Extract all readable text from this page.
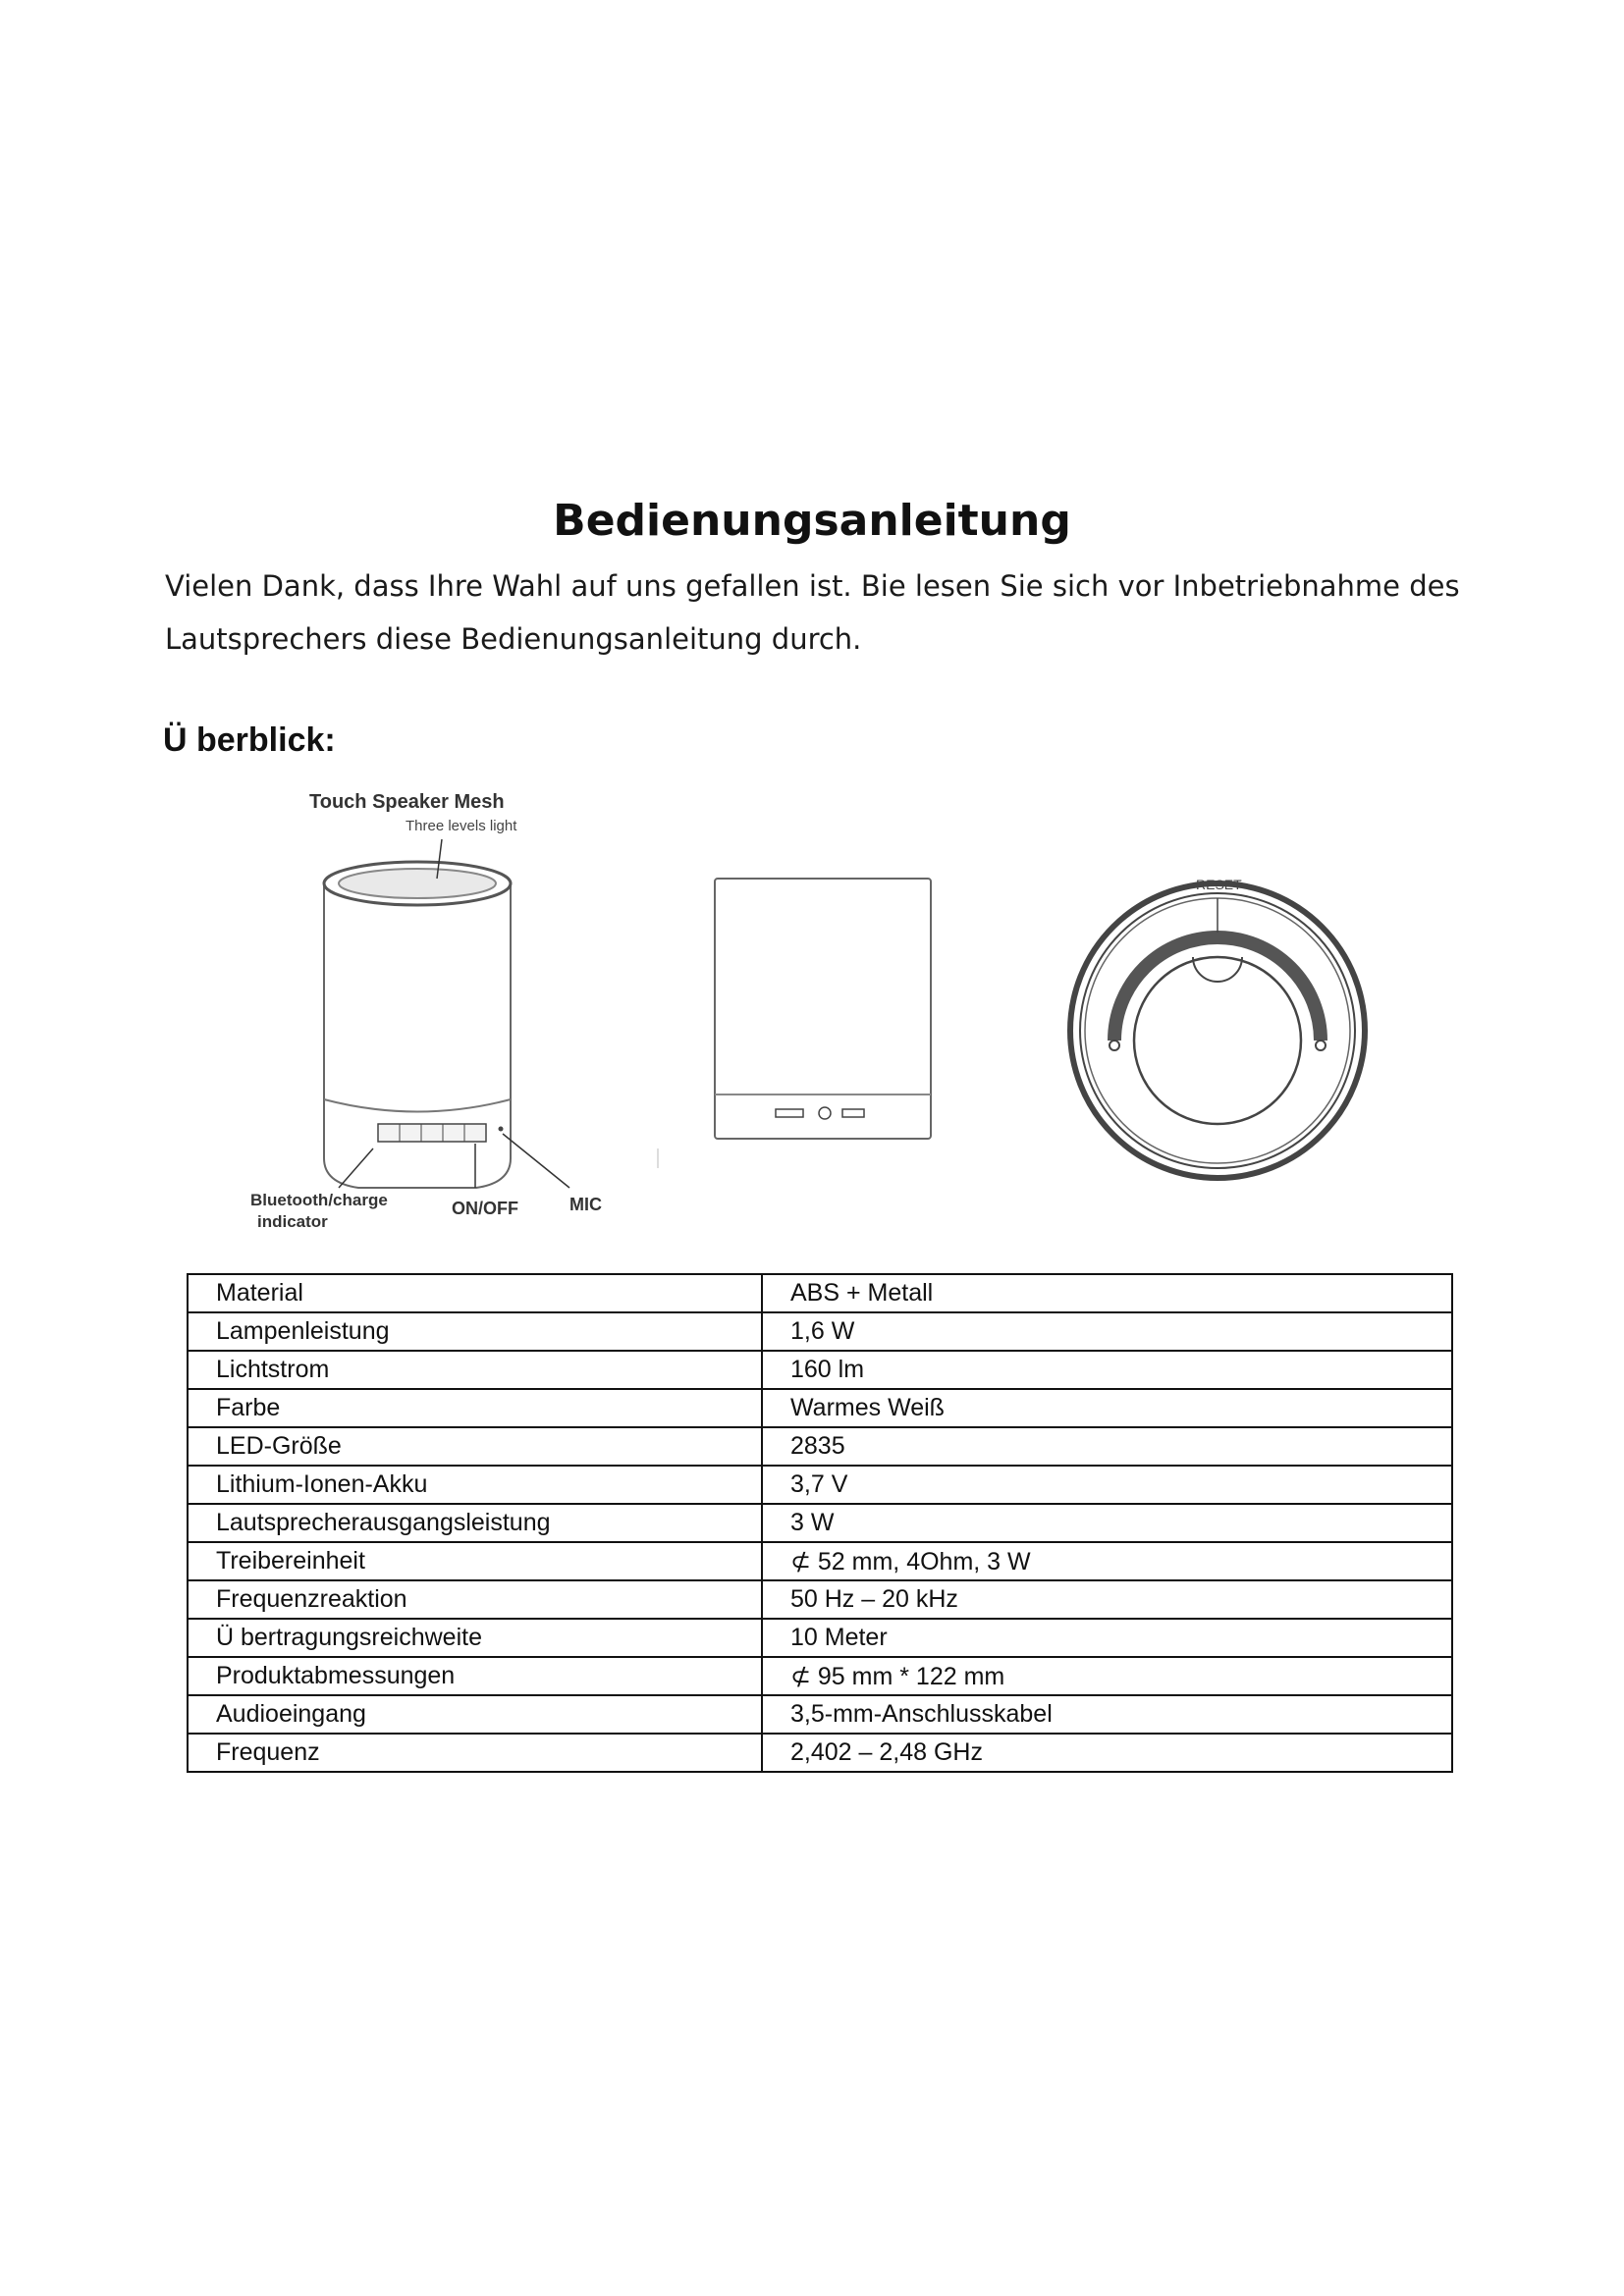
Bedienungsanleitung

Vielen Dank, dass Ihre Wahl auf uns gefallen ist. Bie lesen Sie sich vor Inbetriebnahme des Lautsprechers diese Bedienungsanleitung durch.

Ü berblick:
Touch Speaker Mesh
Three levels light
Bluetooth/charge
indicator
ON/OFF	MIC
RESET
Material	ABS + Metall
Lampenleistung	1,6 W
Lichtstrom	160 lm
Farbe	Warmes Weiß
LED-Größe	2835
Lithium-Ionen-Akku	3,7 V
Lautsprecherausgangsleistung	3 W
Treibereinheit	⊄ 52 mm, 4Ohm, 3 W
Frequenzreaktion	50 Hz – 20 kHz
Ü bertragungsreichweite	10 Meter
Produktabmessungen	⊄ 95 mm * 122 mm
Audioeingang	3,5-mm-Anschlusskabel
Frequenz	2,402 – 2,48 GHz
